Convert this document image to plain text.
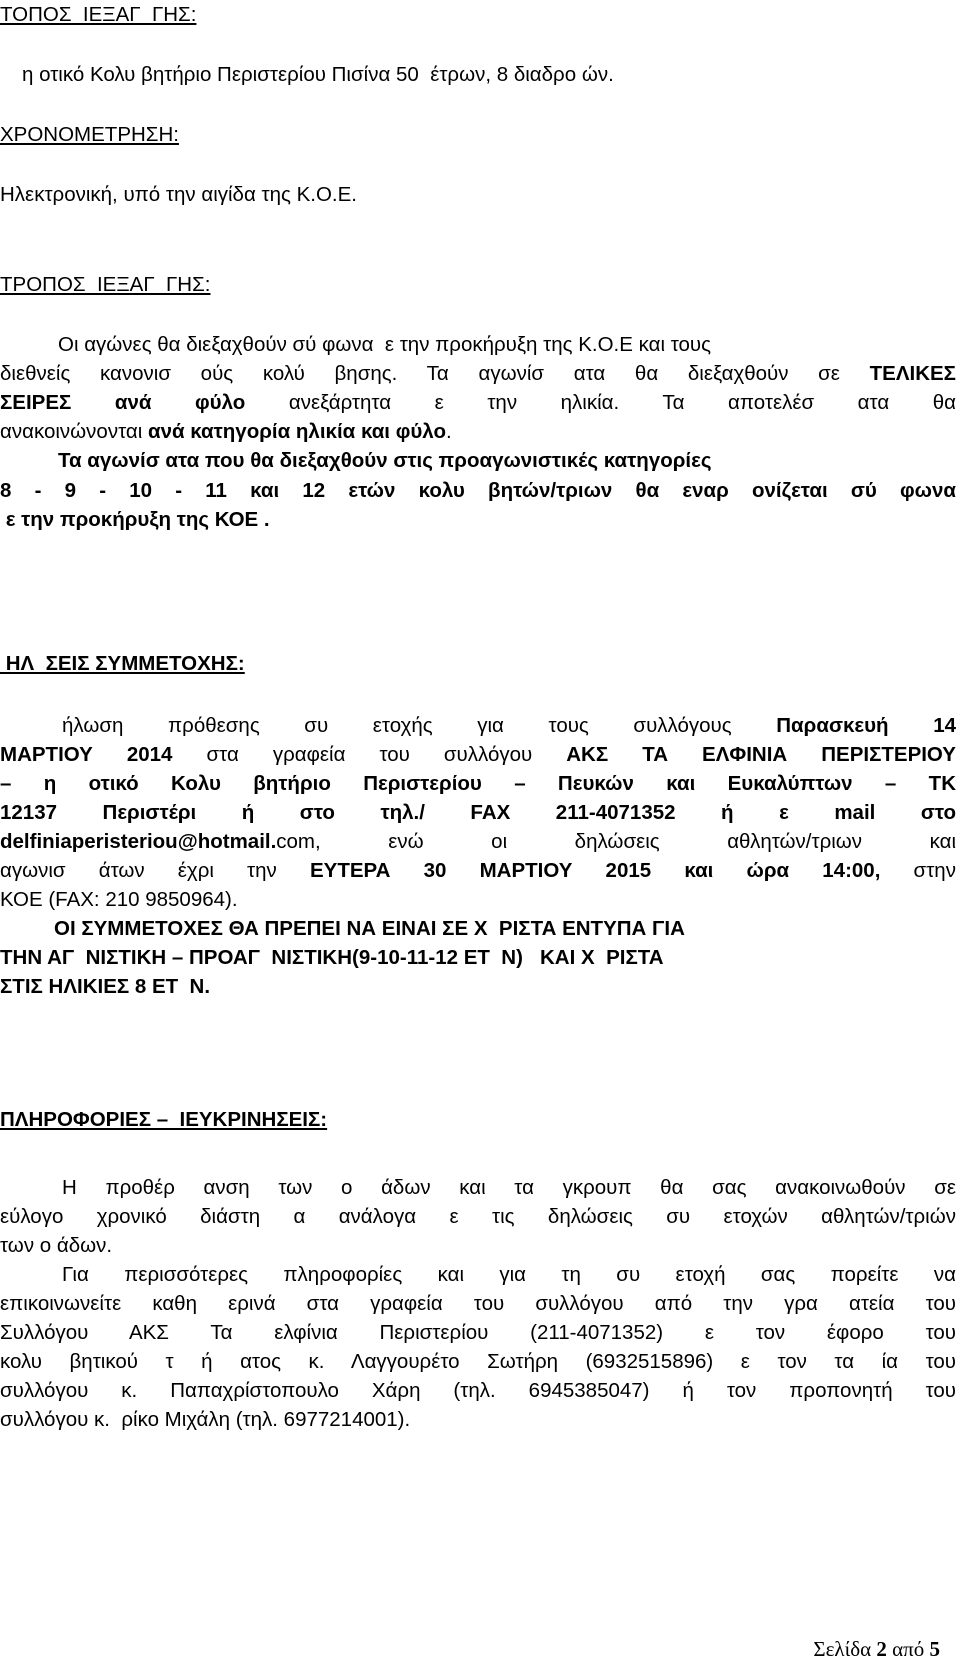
ΤΟΠΟΣ  ΙΕΞΑΓ  ΓΗΣ:

η οτικό Κολυ βητήριο Περιστερίου Πισίνα 50  έτρων, 8 διαδρο ών.

ΧΡΟΝΟΜΕΤΡΗΣΗ:

Ηλεκτρονική, υπό την αιγίδα της Κ.Ο.Ε.

ΤΡΟΠΟΣ  ΙΕΞΑΓ  ΓΗΣ:

Οι αγώνες θα διεξαχθούν σύ φωνα  ε την προκήρυξη της Κ.Ο.Ε και τους

διεθνείς κανονισ ούς κολύ βησης. Τα αγωνίσ ατα θα διεξαχθούν σε ΤΕΛΙΚΕΣ

ΣΕΙΡΕΣ ανά φύλο ανεξάρτητα ε την ηλικία. Τα αποτελέσ ατα θα

ανακοινώνονται ανά κατηγορία ηλικία και φύλο.

Τα αγωνίσ ατα που θα διεξαχθούν στις προαγωνιστικές κατηγορίες

8 - 9 - 10 - 11 και 12 ετών κολυ βητών/τριων θα εναρ ονίζεται σύ φωνα

ε την προκήρυξη της ΚΟΕ .

ΗΛ  ΣΕΙΣ ΣΥΜΜΕΤΟΧΗΣ:

ήλωση πρόθεσης συ ετοχής για τους συλλόγους Παρασκευή 14

ΜΑΡΤΙΟΥ 2014 στα γραφεία του συλλόγου ΑΚΣ ΤΑ ΕΛΦΙΝΙΑ ΠΕΡΙΣΤΕΡΙΟΥ

– η οτικό Κολυ βητήριο Περιστερίου – Πευκών και Ευκαλύπτων – ΤΚ

12137 Περιστέρι ή στο τηλ./ FAX 211-4071352 ή ε mail στο

delfiniaperisteriou@hotmail.com, ενώ οι δηλώσεις αθλητών/τριων και

αγωνισ άτων έχρι την ΕΥΤΕΡΑ 30 ΜΑΡΤΙΟΥ 2015 και ώρα 14:00, στην

ΚΟΕ (FAX: 210 9850964).

ΟΙ ΣΥΜΜΕΤΟΧΕΣ ΘΑ ΠΡΕΠΕΙ ΝΑ ΕΙΝΑΙ ΣΕ Χ  ΡΙΣΤΑ ΕΝΤΥΠΑ ΓΙΑ

ΤΗΝ ΑΓ  ΝΙΣΤΙΚΗ – ΠΡΟΑΓ  ΝΙΣΤΙΚΗ(9-10-11-12 ΕΤ  Ν)   ΚΑΙ Χ  ΡΙΣΤΑ

ΣΤΙΣ ΗΛΙΚΙΕΣ 8 ΕΤ  Ν.

ΠΛΗΡΟΦΟΡΙΕΣ –  ΙΕΥΚΡΙΝΗΣΕΙΣ:

Η προθέρ ανση των ο άδων και τα γκρουπ θα σας ανακοινωθούν σε

εύλογο χρονικό διάστη α ανάλογα ε τις δηλώσεις συ ετοχών αθλητών/τριών

των ο άδων.

Για περισσότερες πληροφορίες και για τη συ ετοχή σας πορείτε να

επικοινωνείτε καθη ερινά στα γραφεία του συλλόγου από την γρα ατεία του

Συλλόγου ΑΚΣ Τα ελφίνια Περιστερίου (211-4071352) ε τον έφορο του

κολυ βητικού τ ή ατος κ. Λαγγουρέτο Σωτήρη (6932515896) ε τον τα ία του

συλλόγου κ. Παπαχρίστοπουλο Χάρη (τηλ. 6945385047) ή τον προπονητή του

συλλόγου κ.  ρίκο Μιχάλη (τηλ. 6977214001).

Σελίδα 2 από 5
